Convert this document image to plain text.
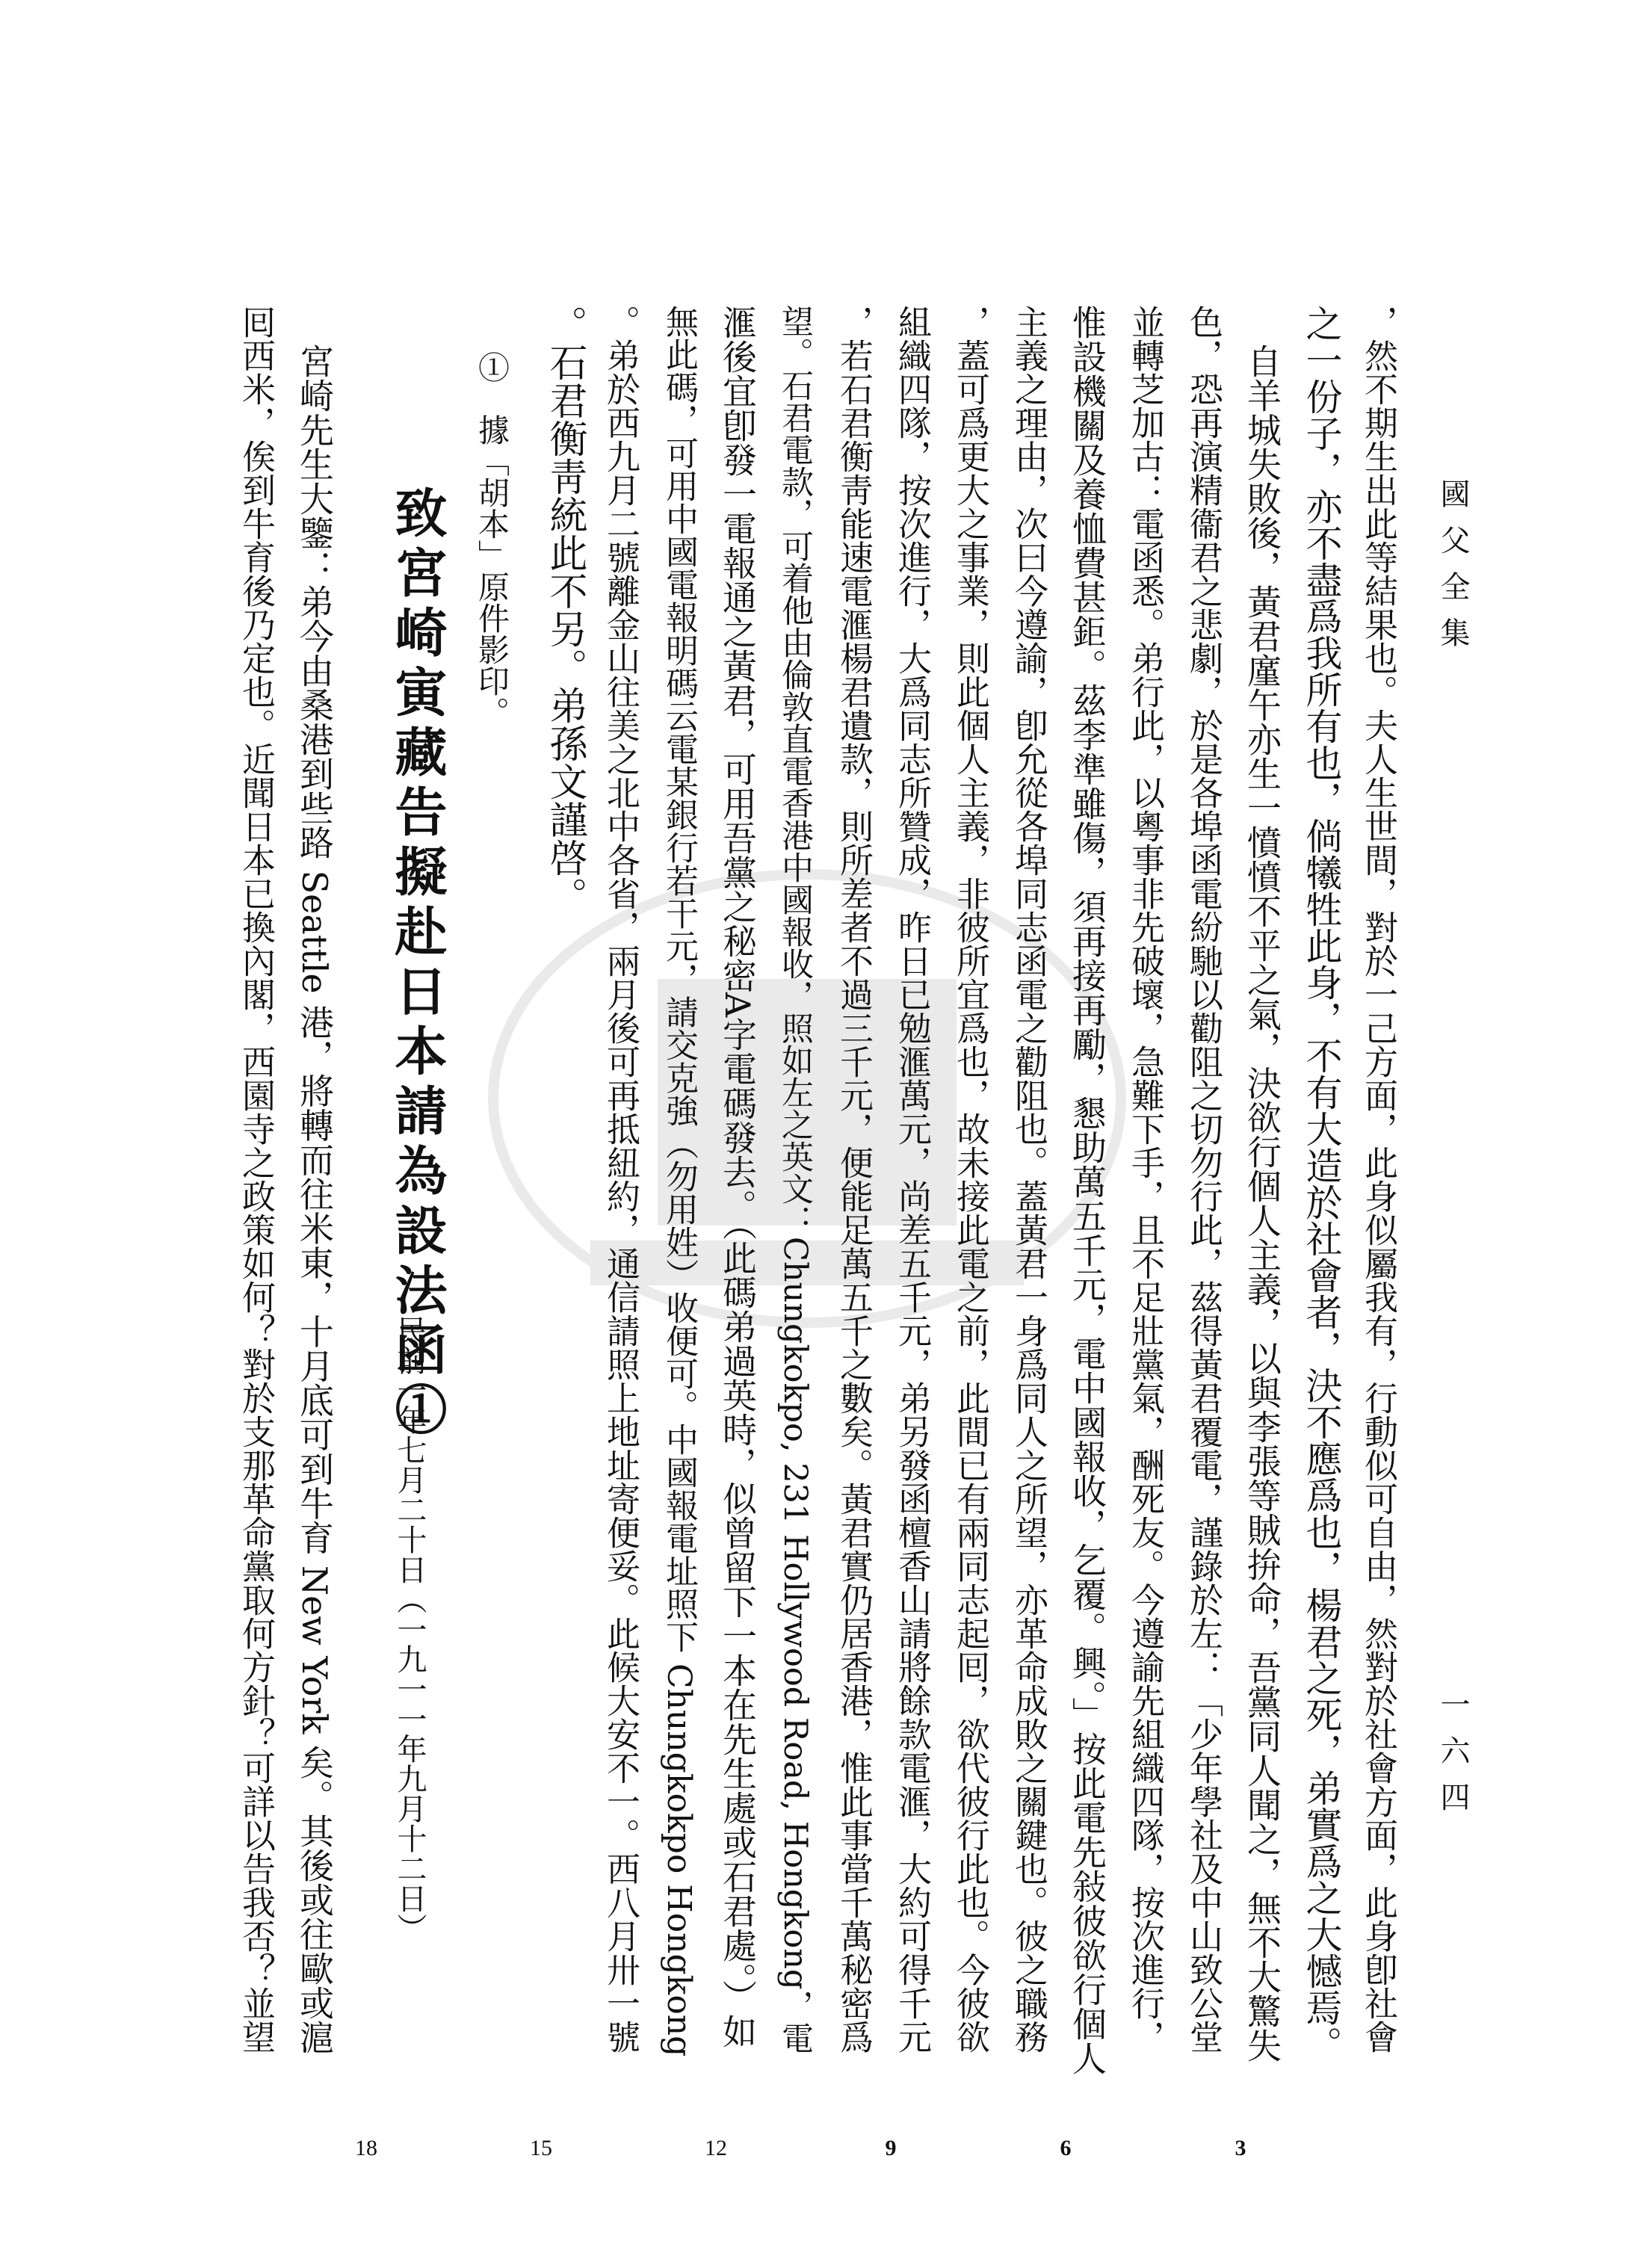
國父全集
一六四
，然不期生出此等結果也。夫人生世間，對於一己方面，此身似屬我有，行動似可自由，然對於社會方面，此身卽社會
之一份子，亦不盡爲我所有也，倘犧牲此身，不有大造於社會者，決不應爲也，楊君之死，弟實爲之大憾焉。
自羊城失敗後，黃君廑午亦生一憤憤不平之氣，決欲行個人主義，以與李張等賊拚命，吾黨同人聞之，無不大驚失
色，恐再演精衞君之悲劇，於是各埠函電紛馳以勸阻之切勿行此，茲得黃君覆電，謹錄於左：「少年學社及中山致公堂
並轉芝加古：電函悉。弟行此，以粵事非先破壞，急難下手，且不足壯黨氣，酬死友。今遵諭先組織四隊，按次進行，
惟設機關及養恤費甚鉅。茲李準雖傷，須再接再勵，懇助萬五千元，電中國報收，乞覆。興。」按此電先敍彼欲行個人
主義之理由，次曰今遵諭，卽允從各埠同志函電之勸阻也。蓋黃君一身爲同人之所望，亦革命成敗之關鍵也。彼之職務
，蓋可爲更大之事業，則此個人主義，非彼所宜爲也，故未接此電之前，此間已有兩同志起囘，欲代彼行此也。今彼欲
組織四隊，按次進行，大爲同志所贊成，昨日已勉滙萬元，尚差五千元，弟另發函檀香山請將餘款電滙，大約可得千元
，若石君衡靑能速電滙楊君遺款，則所差者不過三千元，便能足萬五千之數矣。黃君實仍居香港，惟此事當千萬秘密爲
望。石君電款，可着他由倫敦直電香港中國報收，照如左之英文：Chungkokpo, 231 Hollywood Road, Hongkong，電
滙後宜卽發一電報通之黃君，可用吾黨之秘密A字電碼發去。（此碼弟過英時，似曾留下一本在先生處或石君處。）如
無此碼，可用中國電報明碼云電某銀行若干元，請交克強（勿用姓）收便可。中國報電址照下 Chungkokpo Hongkong
。弟於西九月二號離金山往美之北中各省，兩月後可再抵紐約，通信請照上地址寄便妥。此候大安不一。西八月卅一號
。石君衡靑統此不另。弟孫文謹啓。
①　據「胡本」原件影印。
致宮崎寅藏告擬赴日本請為設法函①
民前一年七月二十日（一九一一年九月十二日）
宮崎先生大鑒：弟今由桑港到些路 Seattle 港，將轉而往米東，十月底可到牛育 New York 矣。其後或往歐或滬
囘西米，俟到牛育後乃定也。近聞日本已換內閣，西園寺之政策如何？對於支那革命黨取何方針？可詳以告我否？並望
3
6
9
12
15
18
